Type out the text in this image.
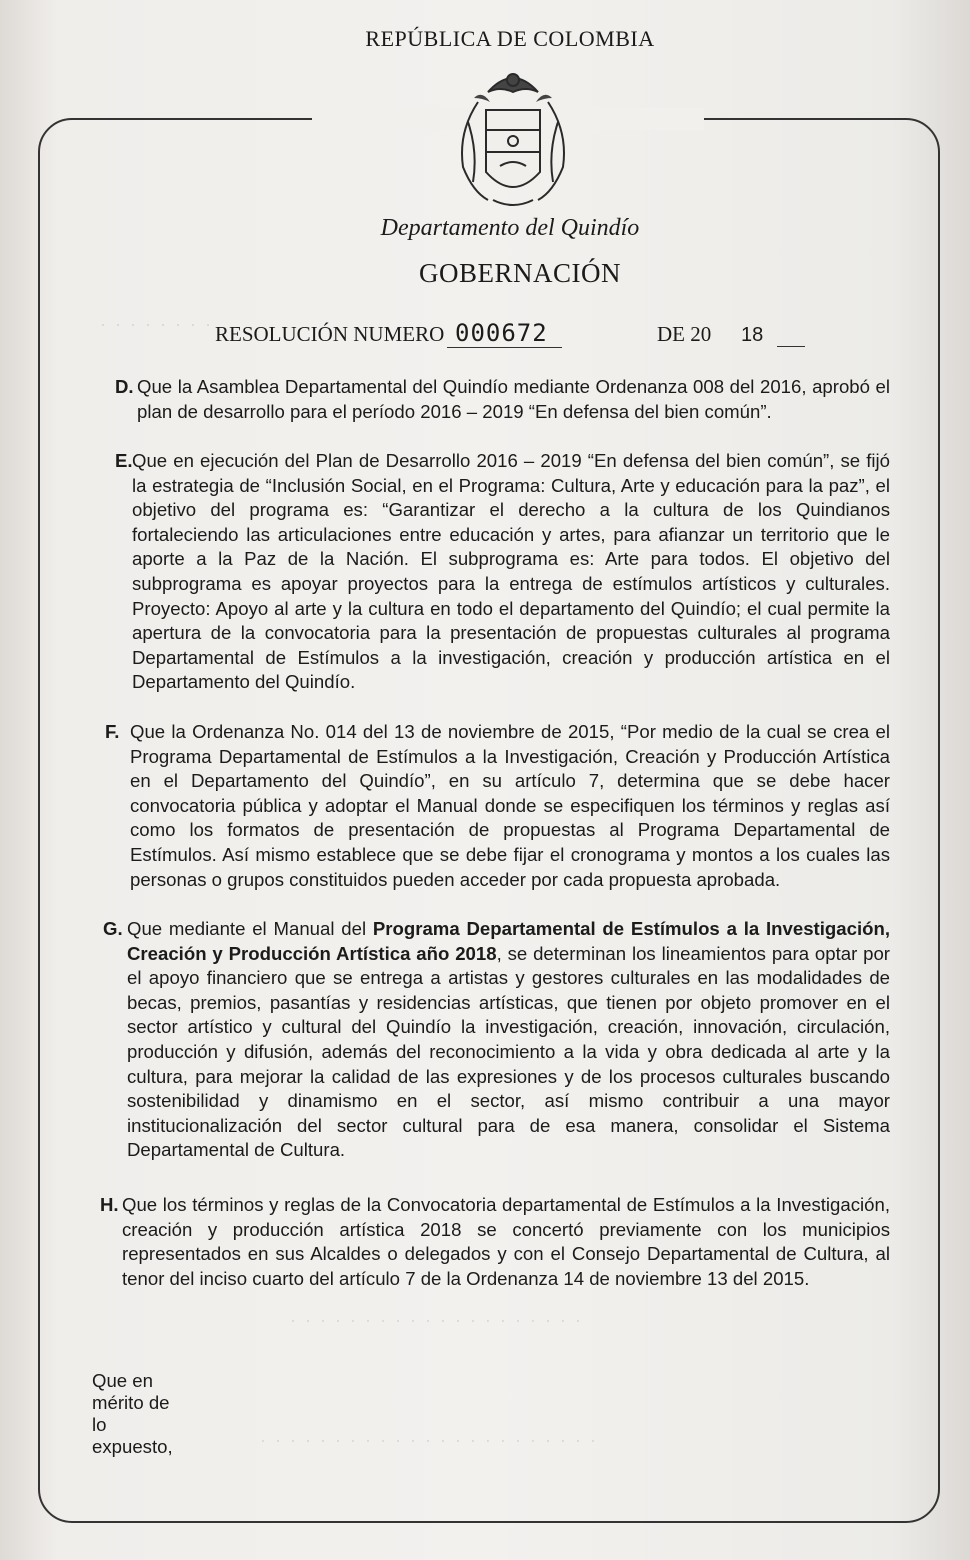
REPÚBLICA DE COLOMBIA
Departamento del Quindío
GOBERNACIÓN
· · · · · · · · RESOLUCIÓN NUMERO 000672	DE 20 18
D. Que la Asamblea Departamental del Quindío mediante Ordenanza 008 del 2016, aprobó el plan de desarrollo para el período 2016 – 2019 “En defensa del bien común”.
E. Que en ejecución del Plan de Desarrollo 2016 – 2019 “En defensa del bien común”, se fijó la estrategia de “Inclusión Social, en el Programa: Cultura, Arte y educación para la paz”, el objetivo del programa es: “Garantizar el derecho a la cultura de los Quindianos fortaleciendo las articulaciones entre educación y artes, para afianzar un territorio que le aporte a la Paz de la Nación. El subprograma es: Arte para todos. El objetivo del subprograma es apoyar proyectos para la entrega de estímulos artísticos y culturales. Proyecto: Apoyo al arte y la cultura en todo el departamento del Quindío; el cual permite la apertura de la convocatoria para la presentación de propuestas culturales al programa Departamental de Estímulos a la investigación, creación y producción artística en el Departamento del Quindío.
F. Que la Ordenanza No. 014 del 13 de noviembre de 2015, “Por medio de la cual se crea el Programa Departamental de Estímulos a la Investigación, Creación y Producción Artística en el Departamento del Quindío”, en su artículo 7, determina que se debe hacer convocatoria pública y adoptar el Manual donde se especifiquen los términos y reglas así como los formatos de presentación de propuestas al Programa Departamental de Estímulos. Así mismo establece que se debe fijar el cronograma y montos a los cuales las personas o grupos constituidos pueden acceder por cada propuesta aprobada.
G. Que mediante el Manual del Programa Departamental de Estímulos a la Investigación, Creación y Producción Artística año 2018, se determinan los lineamientos para optar por el apoyo financiero que se entrega a artistas y gestores culturales en las modalidades de becas, premios, pasantías y residencias artísticas, que tienen por objeto promover en el sector artístico y cultural del Quindío la investigación, creación, innovación, circulación, producción y difusión, además del reconocimiento a la vida y obra dedicada al arte y la cultura, para mejorar la calidad de las expresiones y de los procesos culturales buscando sostenibilidad y dinamismo en el sector, así mismo contribuir a una mayor institucionalización del sector cultural para de esa manera, consolidar el Sistema Departamental de Cultura.
H. Que los términos y reglas de la Convocatoria departamental de Estímulos a la Investigación, creación y producción artística 2018 se concertó previamente con los municipios representados en sus Alcaldes o delegados y con el Consejo Departamental de Cultura, al tenor del inciso cuarto del artículo 7 de la Ordenanza 14 de noviembre 13 del 2015.
Que en mérito de lo expuesto,
· · · · · · · · · · · · · · · · · · · ·
· · · · · · · · · · · · · · · · · · · · · · ·
